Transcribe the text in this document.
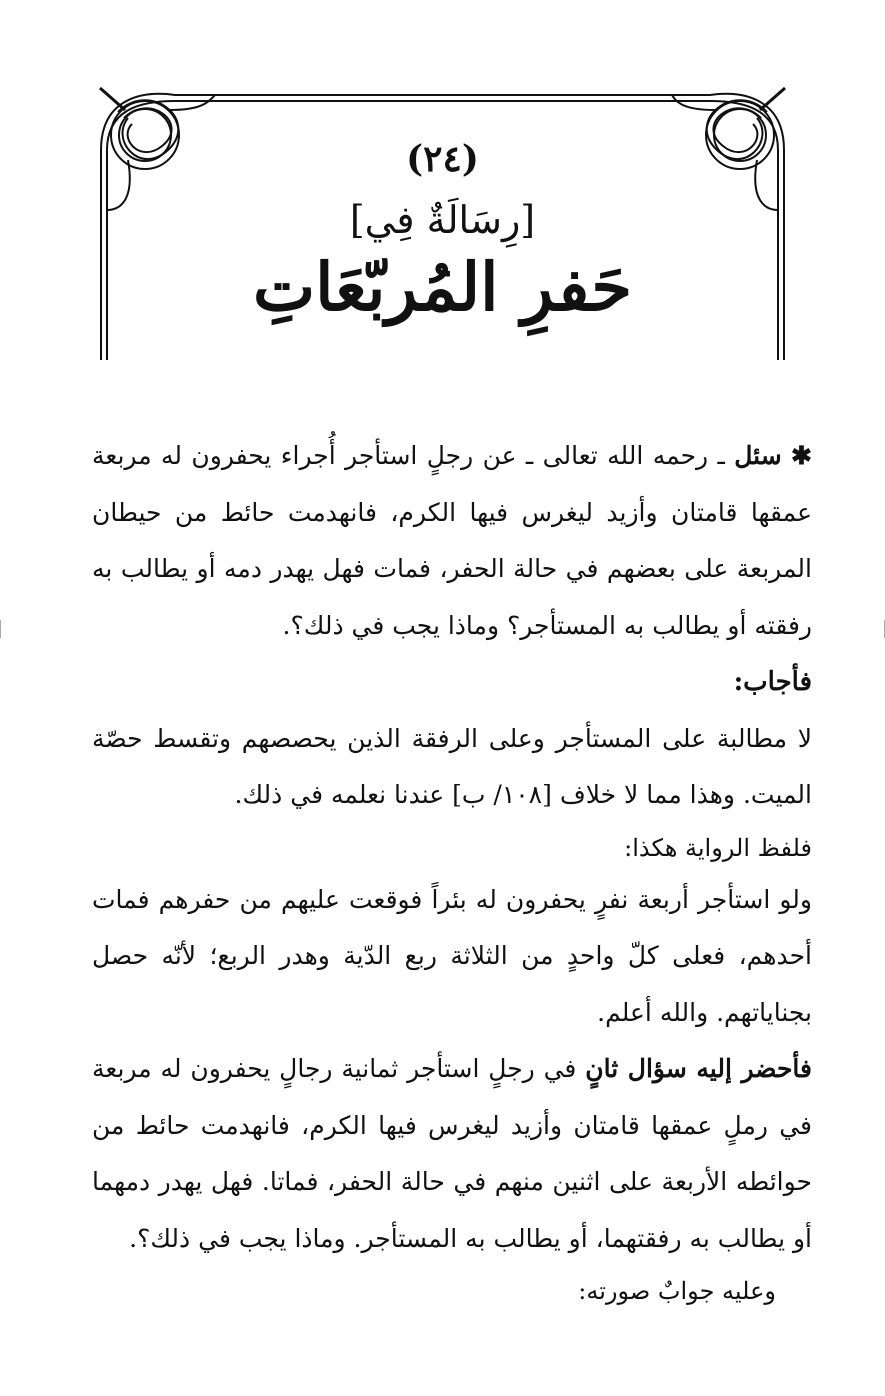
(٢٤)
[رِسَالَةٌ فِي]
حَفرِ المُربّعَاتِ

✱ سئل ـ رحمه الله تعالى ـ عن رجلٍ استأجر أُجراء يحفرون له مربعة عمقها قامتان وأزيد ليغرس فيها الكرم، فانهدمت حائط من حيطان المربعة على بعضهم في حالة الحفر، فمات فهل يهدر دمه أو يطالب به رفقته أو يطالب به المستأجر؟ وماذا يجب في ذلك؟.

فأجاب:

لا مطالبة على المستأجر وعلى الرفقة الذين يحصصهم وتقسط حصّة الميت. وهذا مما لا خلاف [١٠٨/ ب] عندنا نعلمه في ذلك.

فلفظ الرواية هكذا:

ولو استأجر أربعة نفرٍ يحفرون له بئراً فوقعت عليهم من حفرهم فمات أحدهم، فعلى كلّ واحدٍ من الثلاثة ربع الدّية وهدر الربع؛ لأنّه حصل بجناياتهم. والله أعلم.

فأحضر إليه سؤال ثانٍ في رجلٍ استأجر ثمانية رجالٍ يحفرون له مربعة في رملٍ عمقها قامتان وأزيد ليغرس فيها الكرم، فانهدمت حائط من حوائطه الأربعة على اثنين منهم في حالة الحفر، فماتا. فهل يهدر دمهما أو يطالب به رفقتهما، أو يطالب به المستأجر. وماذا يجب في ذلك؟.

وعليه جوابٌ صورته:
